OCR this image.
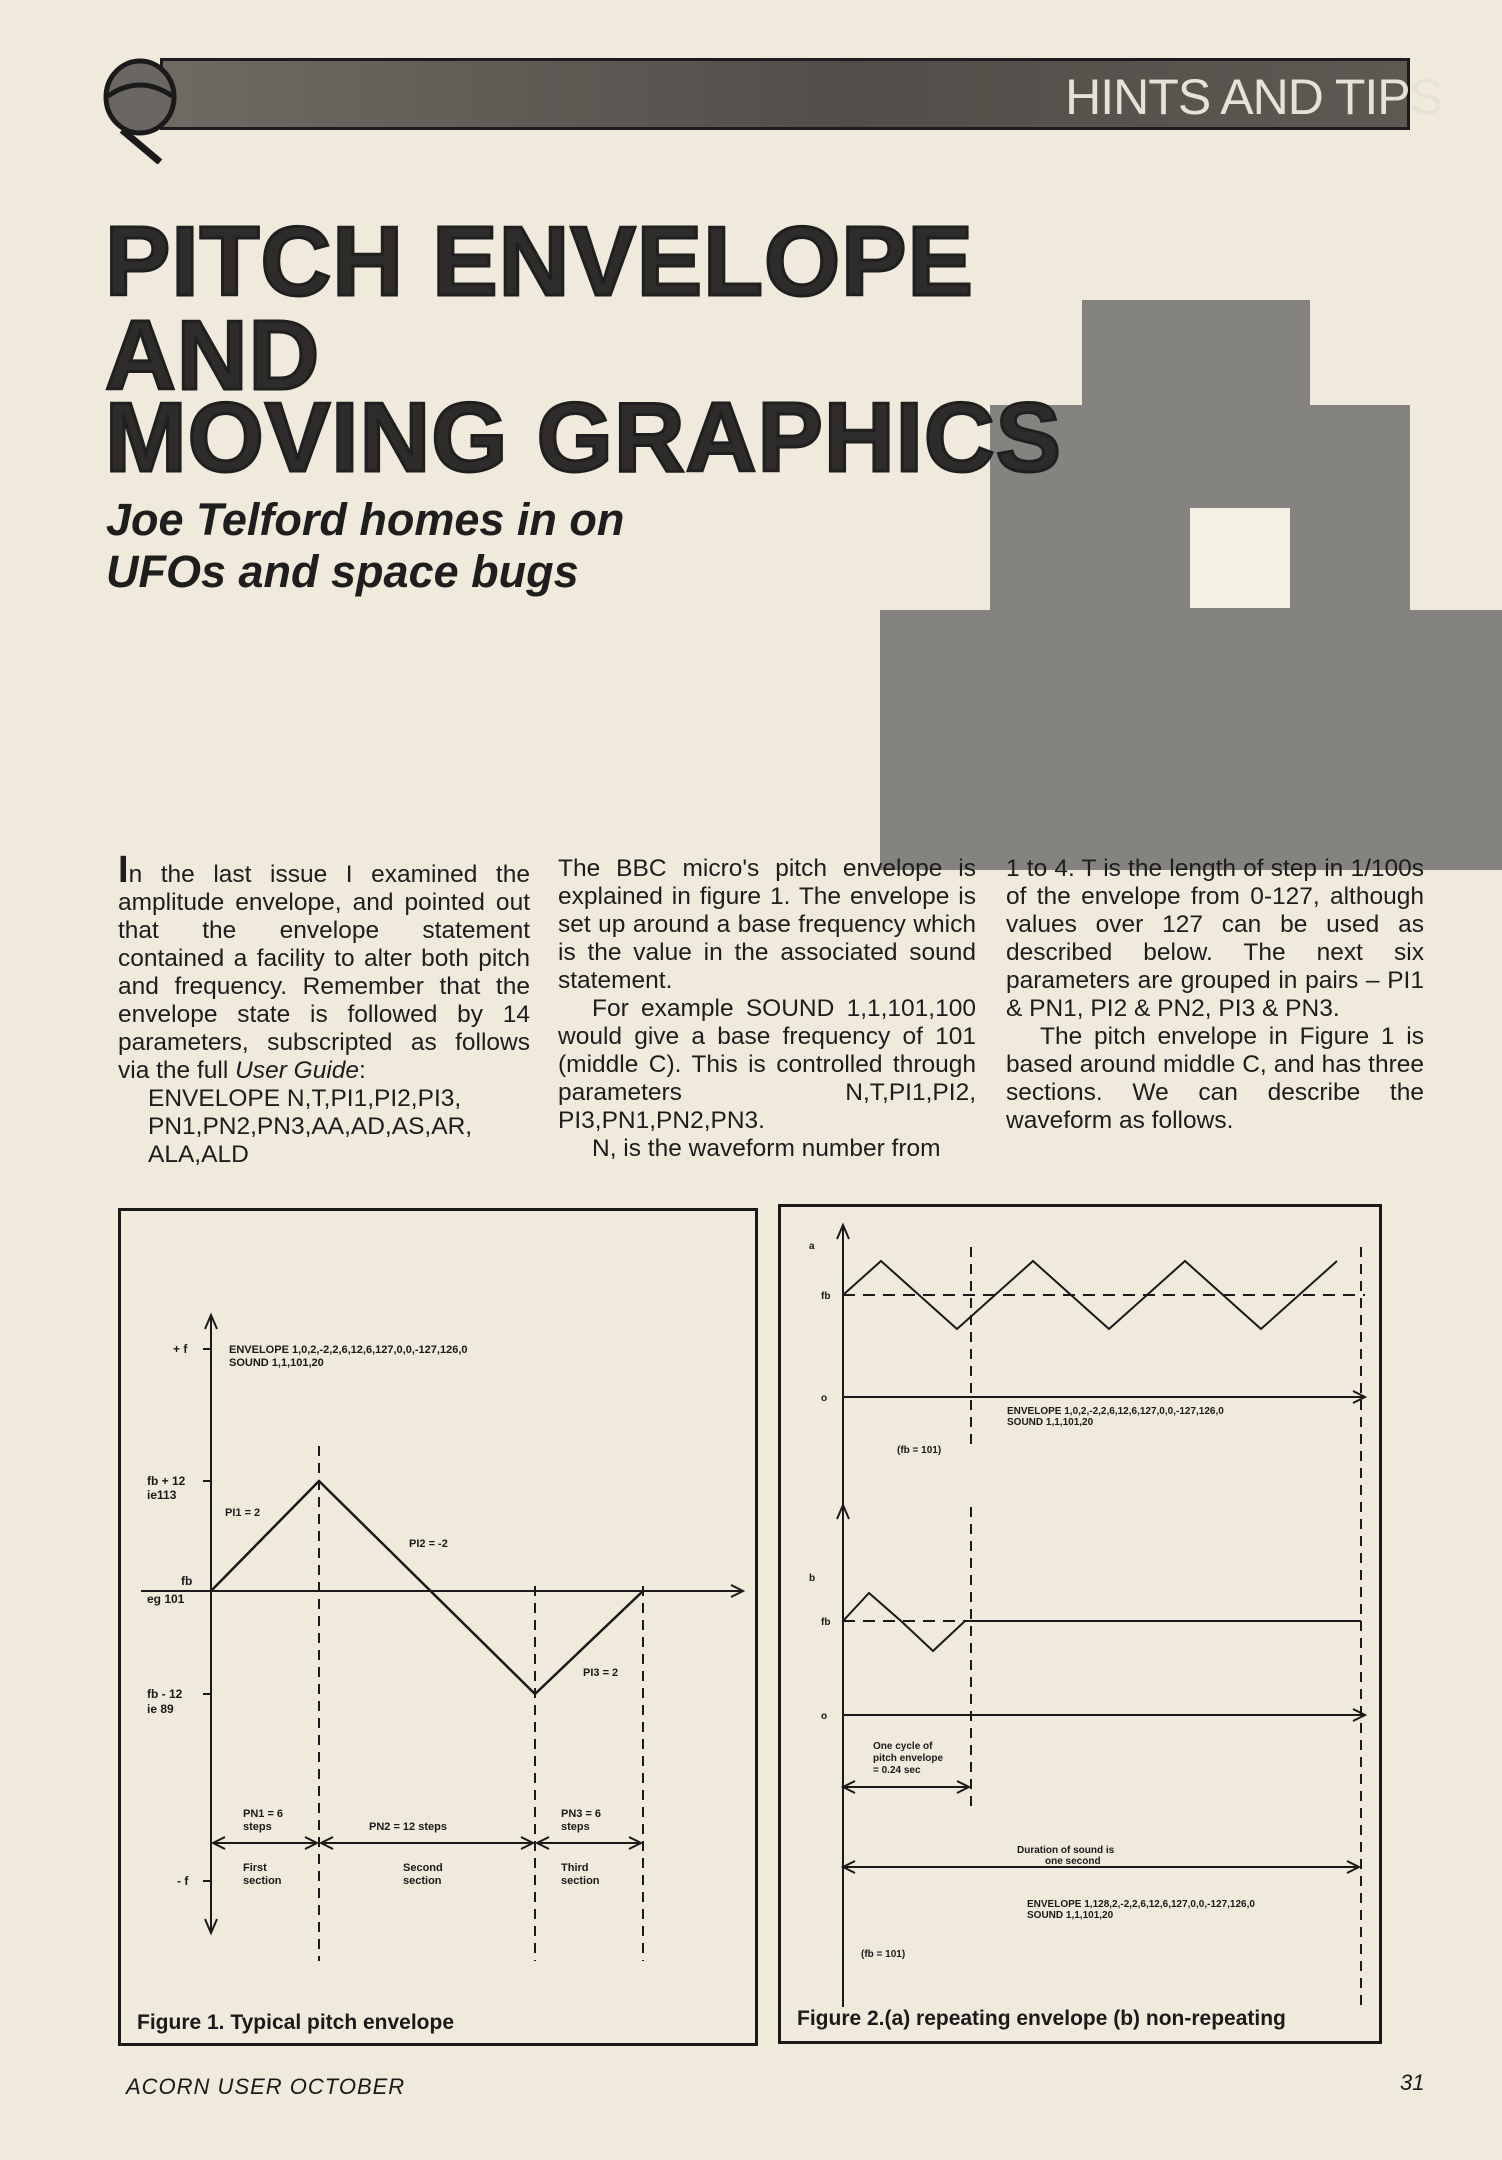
HINTS AND TIPS
PITCH ENVELOPE
AND
MOVING GRAPHICS
Joe Telford homes in on
UFOs and space bugs

In the last issue I examined the amplitude envelope, and pointed out that the envelope statement contained a facility to alter both pitch and frequency. Remember that the envelope state is followed by 14 parameters, subscripted as follows via the full User Guide:

ENVELOPE N,T,PI1,PI2,PI3,

PN1,PN2,PN3,AA,AD,AS,AR,

ALA,ALD

The BBC micro's pitch envelope is explained in figure 1. The envelope is set up around a base frequency which is the value in the associated sound statement.

For example SOUND 1,1,101,100 would give a base frequency of 101 (middle C). This is controlled through parameters N,T,PI1,PI2, PI3,PN1,PN2,PN3.

N, is the waveform number from

1 to 4. T is the length of step in 1/100s of the envelope from 0-127, although values over 127 can be used as described below. The next six parameters are grouped in pairs – PI1 & PN1, PI2 & PN2, PI3 & PN3.

The pitch envelope in Figure 1 is based around middle C, and has three sections. We can describe the waveform as follows.

ENVELOPE 1,0,2,-2,2,6,12,6,127,0,0,-127,126,0
SOUND 1,1,101,20
+ f
fb + 12
ie113
fb
eg 101
fb - 12
ie 89
- f
PI1 = 2
PI2 = -2
PI3 = 2
PN1 = 6
steps	PN2 = 12 steps
PN3 = 6
steps
First
section
Second
section
Third
section
Figure 1. Typical pitch envelope
a
fb
o
ENVELOPE 1,0,2,-2,2,6,12,6,127,0,0,-127,126,0
SOUND 1,1,101,20
(fb = 101)
b
fb
o
One cycle of
pitch envelope
= 0.24 sec
Duration of sound is
one second
ENVELOPE 1,128,2,-2,2,6,12,6,127,0,0,-127,126,0
SOUND 1,1,101,20
(fb = 101)
Figure 2.(a) repeating envelope (b) non-repeating
ACORN USER OCTOBER	31
